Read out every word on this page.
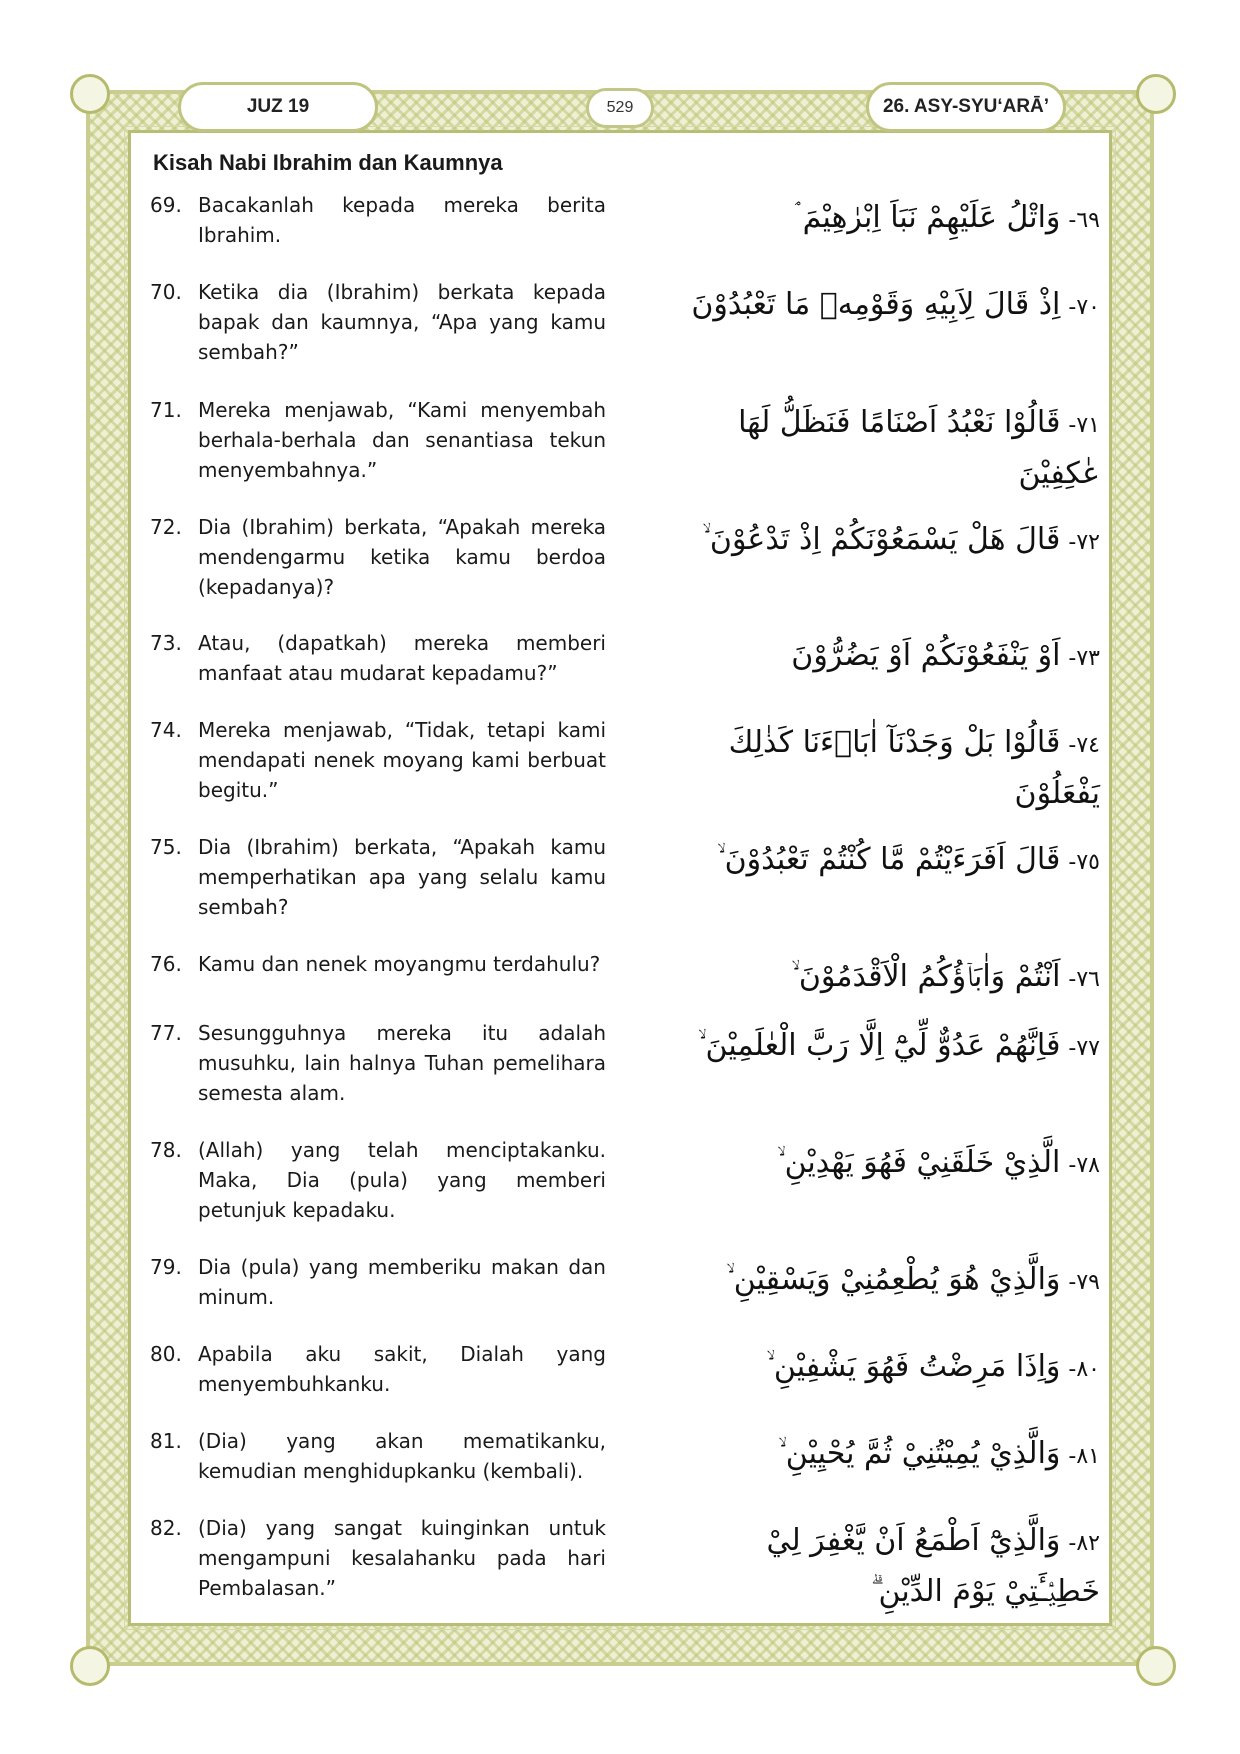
JUZ 19	529	26. ASY-SYU‘ARĀ’
Kisah Nabi Ibrahim dan Kaumnya
69. Bacakanlah kepada mereka berita Ibrahim.
٦٩-وَاتْلُ عَلَيْهِمْ نَبَاَ اِبْرٰهِيْمَ ۘ
70. Ketika dia (Ibrahim) berkata kepada bapak dan kaumnya, “Apa yang kamu sembah?”
٧٠-اِذْ قَالَ لِاَبِيْهِ وَقَوْمِهٖ مَا تَعْبُدُوْنَ
71. Mereka menjawab, “Kami menyembah berhala-berhala dan senantiasa tekun menyembahnya.”
٧١-قَالُوْا نَعْبُدُ اَصْنَامًا فَنَظَلُّ لَهَا عٰكِفِيْنَ
72. Dia (Ibrahim) berkata, “Apakah mereka mendengarmu ketika kamu berdoa (kepadanya)?
٧٢-قَالَ هَلْ يَسْمَعُوْنَكُمْ اِذْ تَدْعُوْنَ ۙ
73. Atau, (dapatkah) mereka memberi manfaat atau mudarat kepadamu?”
٧٣-اَوْ يَنْفَعُوْنَكُمْ اَوْ يَضُرُّوْنَ
74. Mereka menjawab, “Tidak, tetapi kami mendapati nenek moyang kami berbuat begitu.”
٧٤-قَالُوْا بَلْ وَجَدْنَآ اٰبَاۤءَنَا كَذٰلِكَ يَفْعَلُوْنَ
75. Dia (Ibrahim) berkata, “Apakah kamu memperhatikan apa yang selalu kamu sembah?
٧٥-قَالَ اَفَرَءَيْتُمْ مَّا كُنْتُمْ تَعْبُدُوْنَ ۙ
76. Kamu dan nenek moyangmu terdahulu?
٧٦-اَنْتُمْ وَاٰبَاۤؤُكُمُ الْاَقْدَمُوْنَ ۙ
77. Sesungguhnya mereka itu adalah musuhku, lain halnya Tuhan pemelihara semesta alam.
٧٧-فَاِنَّهُمْ عَدُوٌّ لِّيْٓ اِلَّا رَبَّ الْعٰلَمِيْنَ ۙ
78. (Allah) yang telah menciptakanku. Maka, Dia (pula) yang memberi petunjuk kepadaku.
٧٨-الَّذِيْ خَلَقَنِيْ فَهُوَ يَهْدِيْنِ ۙ
79. Dia (pula) yang memberiku makan dan minum.
٧٩-وَالَّذِيْ هُوَ يُطْعِمُنِيْ وَيَسْقِيْنِ ۙ
80. Apabila aku sakit, Dialah yang menyembuhkanku.
٨٠-وَاِذَا مَرِضْتُ فَهُوَ يَشْفِيْنِ ۙ
81. (Dia) yang akan mematikanku, kemudian menghidupkanku (kembali).
٨١-وَالَّذِيْ يُمِيْتُنِيْ ثُمَّ يُحْيِيْنِ ۙ
82. (Dia) yang sangat kuinginkan untuk mengampuni kesalahanku pada hari Pembalasan.”
٨٢-وَالَّذِيْٓ اَطْمَعُ اَنْ يَّغْفِرَ لِيْ خَطِيْۤـَٔتِيْ يَوْمَ الدِّيْنِ ۗ
